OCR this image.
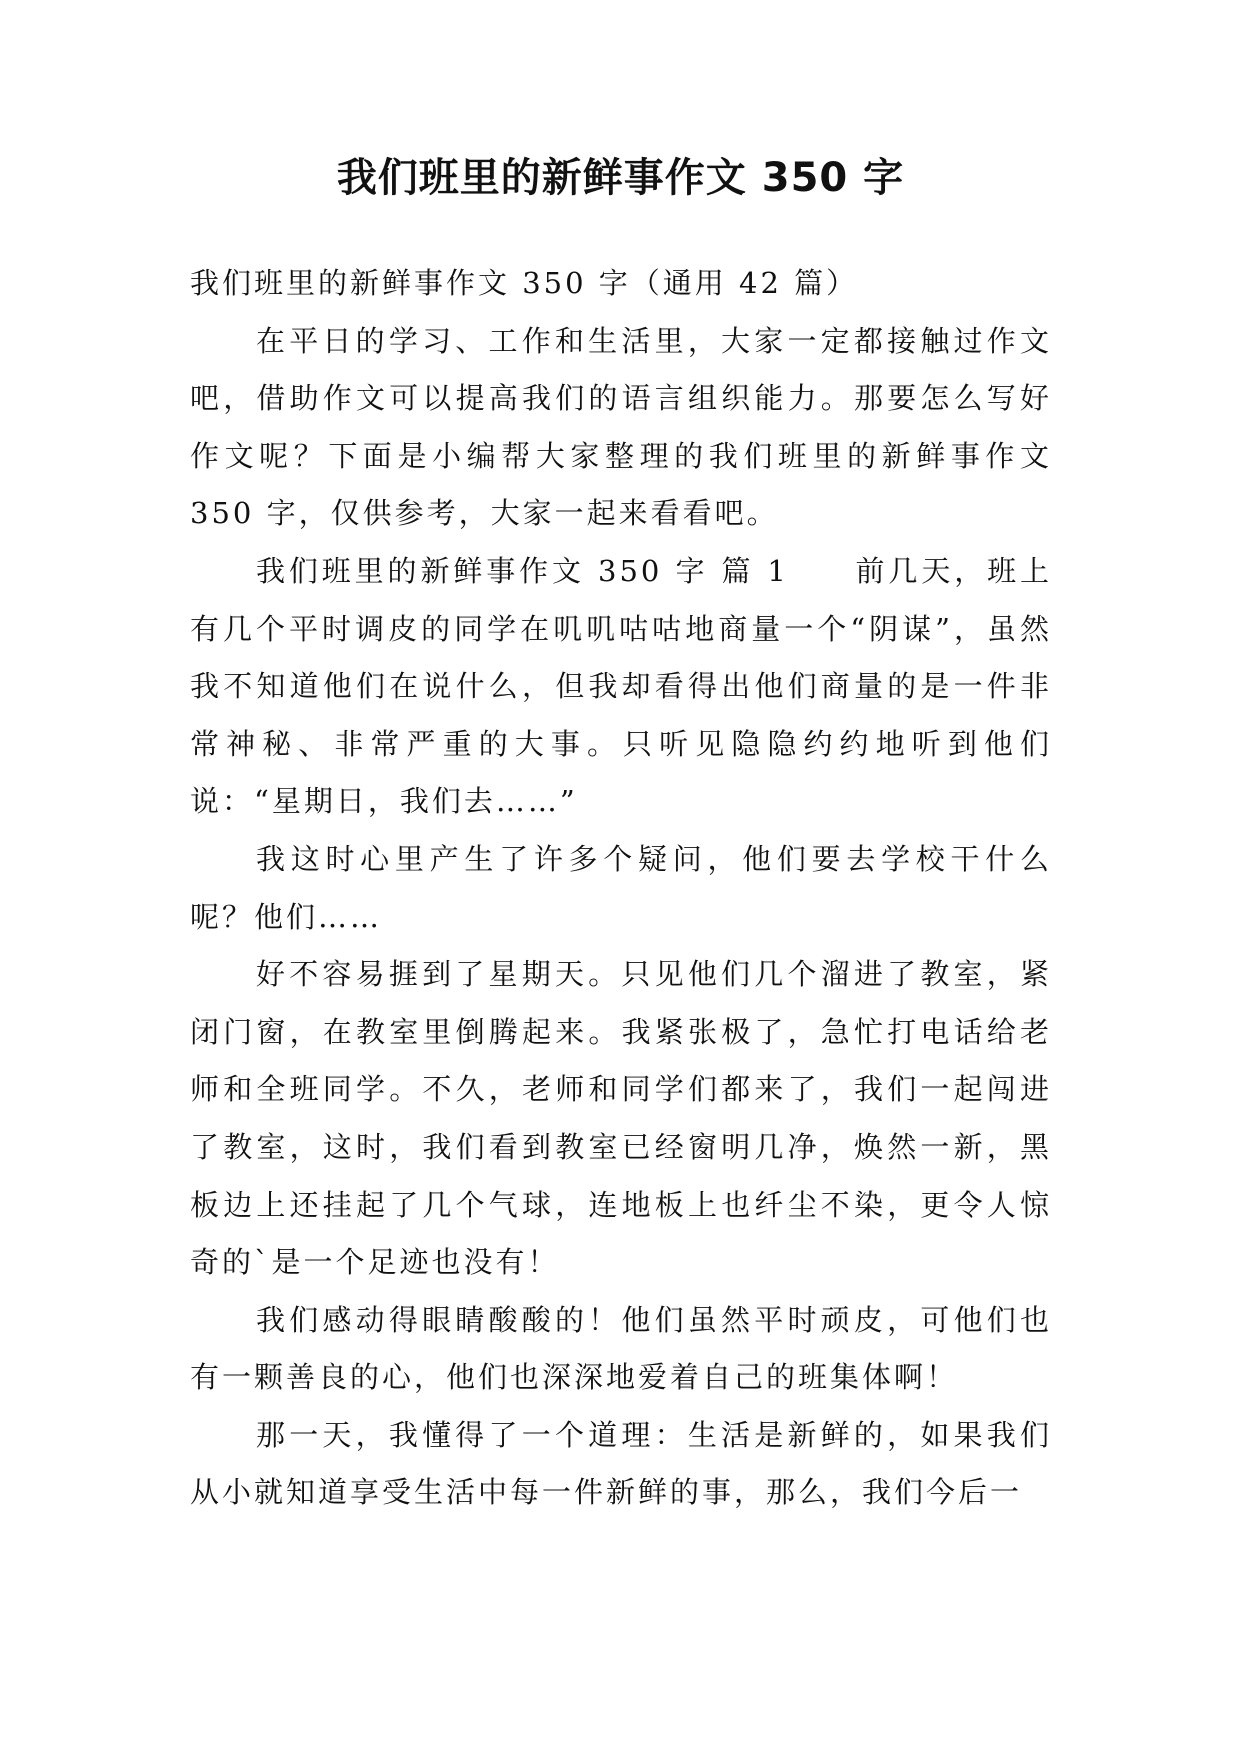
我们班里的新鲜事作文 350 字

我们班里的新鲜事作文 350 字（通用 42 篇）

在平日的学习、工作和生活里，大家一定都接触过作文吧，借助作文可以提高我们的语言组织能力。那要怎么写好作文呢？下面是小编帮大家整理的我们班里的新鲜事作文 350 字，仅供参考，大家一起来看看吧。

我们班里的新鲜事作文 350 字 篇 1　　前几天，班上有几个平时调皮的同学在叽叽咕咕地商量一个“阴谋”，虽然我不知道他们在说什么，但我却看得出他们商量的是一件非常神秘、非常严重的大事。只听见隐隐约约地听到他们说：“星期日，我们去……”

我这时心里产生了许多个疑问，他们要去学校干什么呢？他们……

好不容易捱到了星期天。只见他们几个溜进了教室，紧闭门窗，在教室里倒腾起来。我紧张极了，急忙打电话给老师和全班同学。不久，老师和同学们都来了，我们一起闯进了教室，这时，我们看到教室已经窗明几净，焕然一新，黑板边上还挂起了几个气球，连地板上也纤尘不染，更令人惊奇的`是一个足迹也没有！

我们感动得眼睛酸酸的！他们虽然平时顽皮，可他们也有一颗善良的心，他们也深深地爱着自己的班集体啊！

那一天，我懂得了一个道理：生活是新鲜的，如果我们从小就知道享受生活中每一件新鲜的事，那么，我们今后一
